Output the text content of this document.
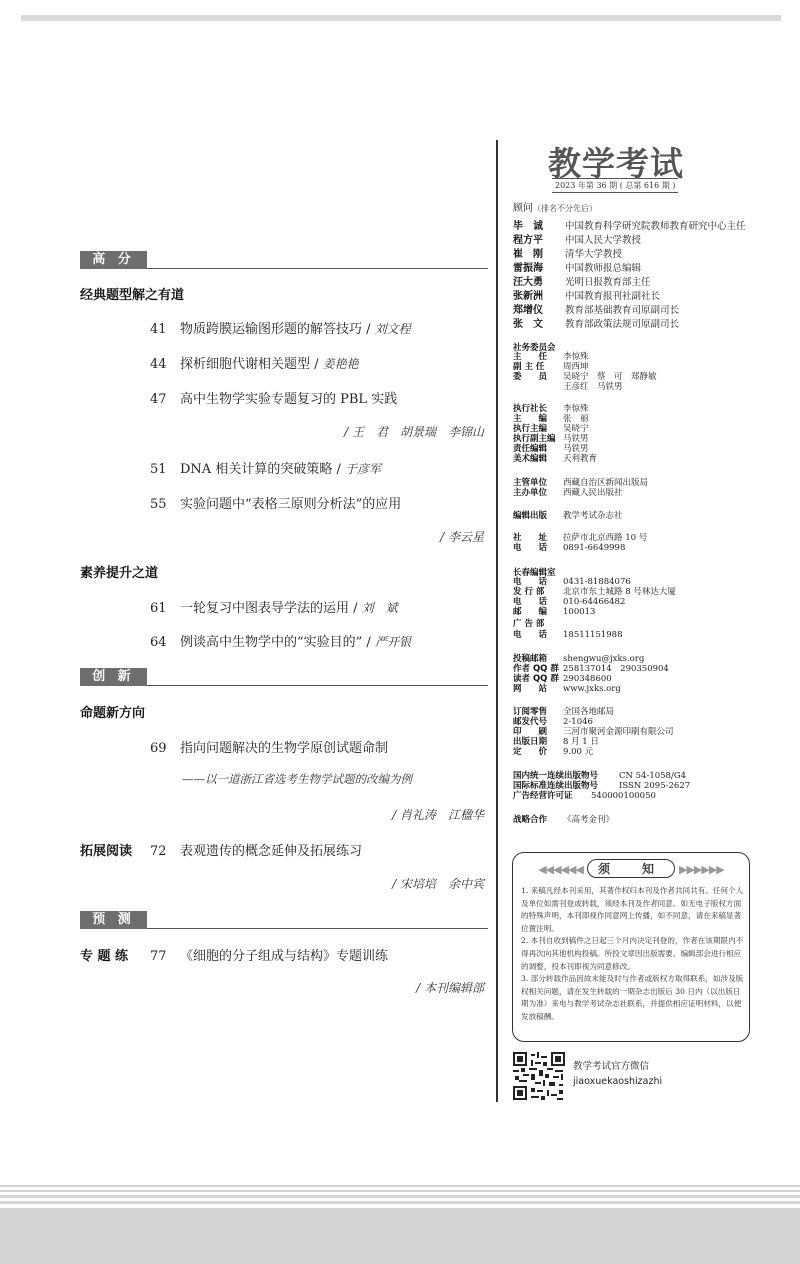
高 分
经典题型解之有道
41 物质跨膜运输图形题的解答技巧 / 刘文程
44 探析细胞代谢相关题型 / 姜艳艳
47 高中生物学实验专题复习的 PBL 实践
/ 王　君　胡景瑞　李锦山
51 DNA 相关计算的突破策略 / 于彦军
55 实验问题中“表格三原则分析法”的应用
/ 李云星
素养提升之道
61 一轮复习中图表导学法的运用 / 刘　斌
64 例谈高中生物学中的“实验目的” / 严开银
创 新
命题新方向
69 指向问题解决的生物学原创试题命制
——以一道浙江省选考生物学试题的改编为例
/ 肖礼涛　江楹华
拓展阅读 72 表观遗传的概念延伸及拓展练习
/ 宋培培　余中宾
预 测
专 题 练 77 《细胞的分子组成与结构》专题训练
/ 本刊编辑部
教学考试
2023 年第 36 期 ( 总第 616 期 )
顾问（排名不分先后）
毕　诚 中国教育科学研究院教师教育研究中心主任
程方平 中国人民大学教授
崔　刚 清华大学教授
雷振海 中国教师报总编辑
汪大勇 光明日报教育部主任
张新洲 中国教育报刊社副社长
郑增仪 教育部基础教育司原副司长
张　文 教育部政策法规司原副司长
社务委员会
主　　任 李惊殊
副 主 任 周西坤
委　　员 吴晓宁　蔡　可　郑静敏
王彦红　马铁男
执行社长 李惊殊
主　　编 张　丽
执行主编 吴晓宁
执行副主编 马铁男
责任编辑 马铁男
美术编辑 天利教育
主管单位 西藏自治区新闻出版局
主办单位 西藏人民出版社
编辑出版 教学考试杂志社
社　　址 拉萨市北京西路 10 号
电　　话 0891-6649998
长春编辑室
电　　话 0431-81884076
发 行 部 北京市东土城路 8 号林达大厦
电　　话 010-64466482
邮　　编 100013
广 告 部
电　　话 18511151988
投稿邮箱 shengwu@jxks.org
作者 QQ 群 258137014　290350904
读者 QQ 群 290348600
网　　站 www.jxks.org
订阅零售 全国各地邮局
邮发代号 2-1046
印　　刷 三河市聚河金源印刷有限公司
出版日期 8 月 1 日
定　　价 9.00 元
国内统一连续出版物号 CN 54-1058/G4
国际标准连续出版物号 ISSN 2095-2627
广告经营许可证 540000100050
战略合作 《高考金刊》
◀◀◀◀◀◀ 须　知 ▶▶▶▶▶▶

1. 来稿凡经本刊采用，其著作权归本刊及作者共同共有。任何个人及单位如需刊登或转载，须经本刊及作者同意。如无电子版权方面的特殊声明，本刊即视作同意网上传播，如不同意，请在来稿显著位置注明。

2. 本刊自收到稿件之日起三个月内决定刊登的，作者在该期限内不得再次向其他机构投稿。所投文章因出版需要，编辑部会进行相应的调整，投本刊即视为同意修改。

3. 部分转载作品因故未能及时与作者或版权方取得联系，如涉及版权相关问题，请在发生转载的一期杂志出版后 30 日内（以出版日期为准）来电与教学考试杂志社联系，并提供相应证明材料，以便发放稿酬。

教学考试官方微信
jiaoxuekaoshizazhi
